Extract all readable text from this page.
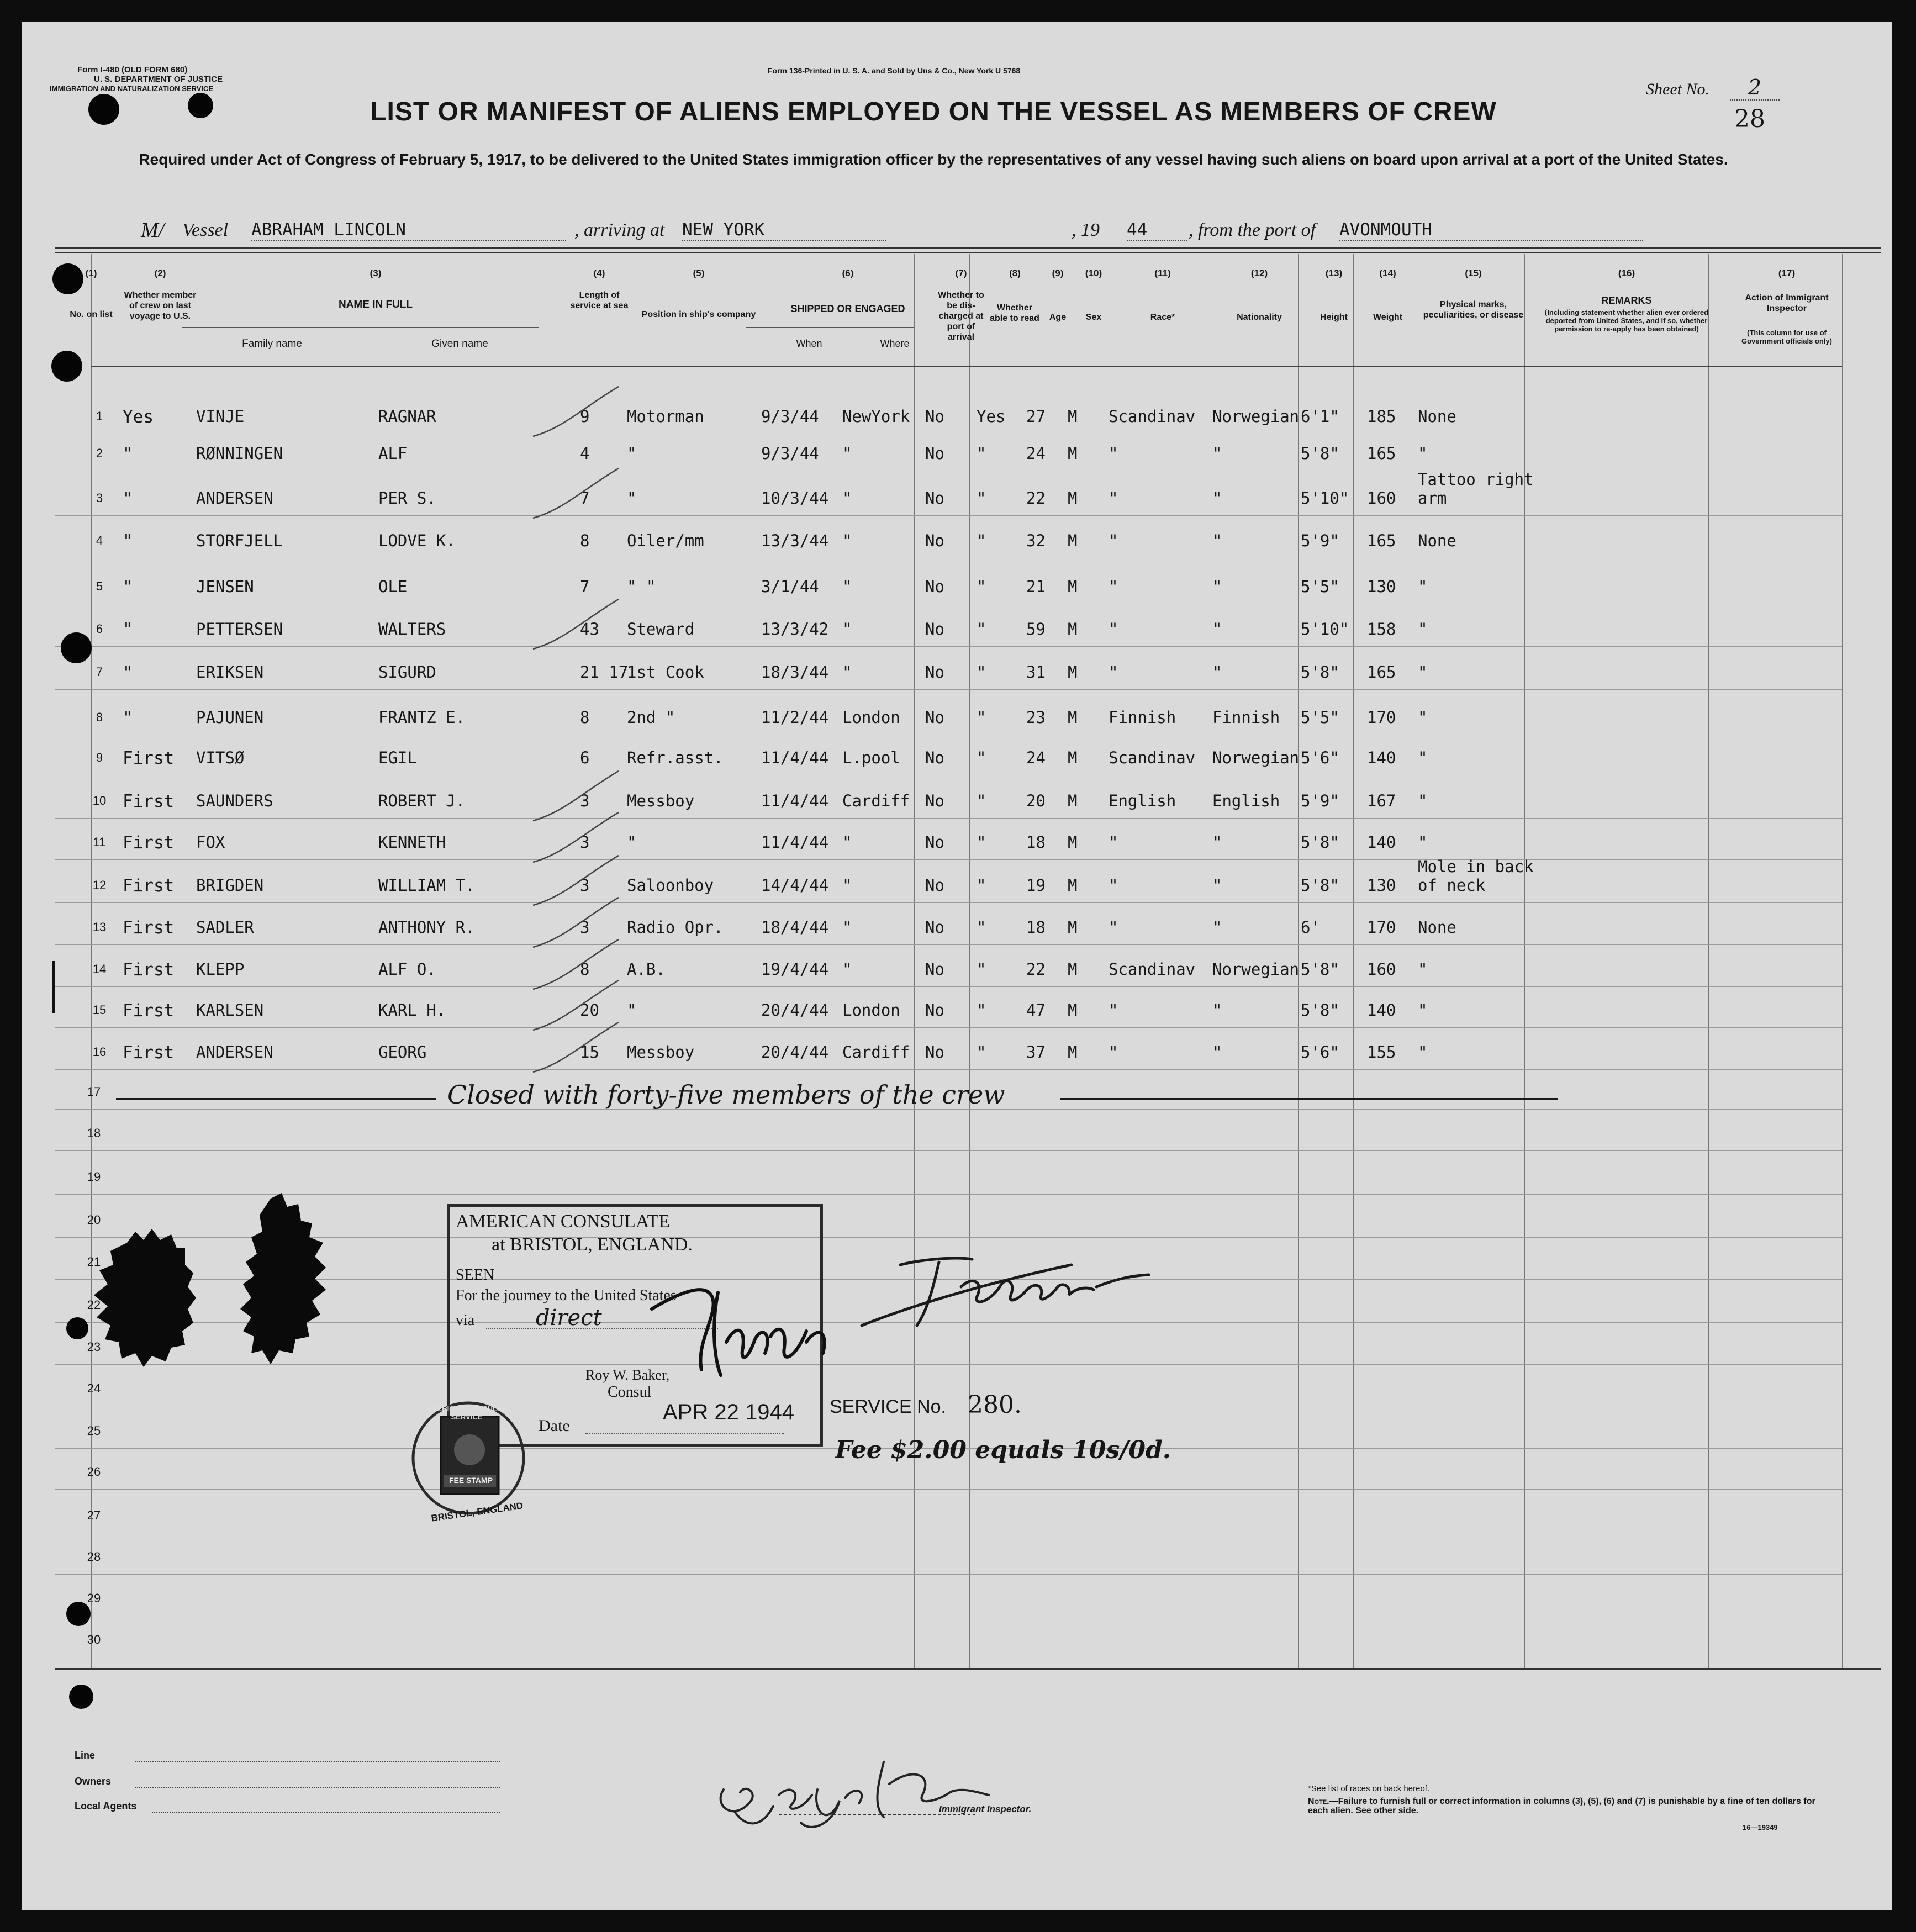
Form I-480 (OLD FORM 680)
U. S. DEPARTMENT OF JUSTICE
IMMIGRATION AND NATURALIZATION SERVICE
Form 136-Printed in U. S. A. and Sold by Uns & Co., New York U 5768
Sheet No.	2
28
LIST OR MANIFEST OF ALIENS EMPLOYED ON THE VESSEL AS MEMBERS OF CREW
Required under Act of Congress of February 5, 1917, to be delivered to the United States immigration officer by the representatives of any vessel having such aliens on board upon arrival at a port of the United States.
M/ Vessel ABRAHAM LINCOLN	, arriving at NEW YORK	, 19 44	, from the port of AVONMOUTH
(1)
No. on list
(2)
Whether member of crew on last voyage to U.S.
(3)
NAME IN FULL
Family name	Given name
(4)
Length of service at sea
(5)
Position in ship's company
(6)
SHIPPED OR ENGAGED
When	Where
(7)
Whether to be dis-charged at port of arrival
(8)
Whether able to read
(9)
Age
(10)
Sex
(11)
Race*
(12)
Nationality
(13)
Height
(14)
Weight
(15)
Physical marks, peculiarities, or disease
(16)
REMARKS
(Including statement whether alien ever ordered deported from United States, and if so, whether permission to re-apply has been obtained)
(17)
Action of Immigrant Inspector
(This column for use of Government officials only)
1	Yes	VINJE	RAGNAR	9 Motorman	9/3/44 NewYork No Yes 27 M Scandinav Norwegian 6'1" 185 None
2	"	RØNNINGEN	ALF	4 "	9/3/44 "	No "	24 M "	"	5'8" 165 "
3	"	ANDERSEN	PER S.	7 "	10/3/44 "	No "	22 M "	"	5'10" 160
Tattoo right arm
4	"	STORFJELL	LODVE K.	8 Oiler/mm	13/3/44 "	No "	32 M "	"	5'9" 165 None
5	"	JENSEN	OLE	7 " "	3/1/44 "	No "	21 M "	"	5'5" 130 "
6	"	PETTERSEN	WALTERS	43 Steward	13/3/42 "	No "	59 M "	"	5'10" 158 "
7	"	ERIKSEN	SIGURD	21 17
1st Cook	18/3/44 "	No "	31 M "	"	5'8" 165 "
8	"	PAJUNEN	FRANTZ E.	8 2nd "	11/2/44 London No "	23 M Finnish Finnish 5'5" 170 "
9	First VITSØ	EGIL	6 Refr.asst. 11/4/44 L.pool No "	24 M Scandinav Norwegian 5'6" 140 "
10 First SAUNDERS	ROBERT J.	3 Messboy	11/4/44 Cardiff No "	20 M English English 5'9" 167 "
11 First FOX	KENNETH	3 "	11/4/44 "	No "	18 M "	"	5'8" 140 "
12 First BRIGDEN	WILLIAM T.	3 Saloonboy	14/4/44 "	No "	19 M "	"	5'8" 130
Mole in back of neck
13 First SADLER	ANTHONY R.	3 Radio Opr. 18/4/44 "	No "	18 M "	"	6'	170 None
14 First KLEPP	ALF O.	8 A.B.	19/4/44 "	No "	22 M Scandinav Norwegian 5'8" 160 "
15 First KARLSEN	KARL H.	20 "	20/4/44 London No "	47 M "	"	5'8" 140 "
16 First ANDERSEN	GEORG	15 Messboy	20/4/44 Cardiff No "	37 M "	"	5'6" 155 "
17
18
19
20
21
22
23
24
25
26
27
28
29
30
Closed with forty-five members of the crew
AMERICAN CONSULATE
at BRISTOL, ENGLAND.
SEEN
For the journey to the United States
via	direct
Roy W. Baker,
Consul
Date
APR 22 1944
AMERICAN CONSULAR SERVICE
FEE STAMP
BRISTOL, ENGLAND
SERVICE No. 280.
Fee $2.00 equals 10s/0d.
Line
Owners
Local Agents	Immigrant Inspector.
*See list of races on back hereof.
Note.—Failure to furnish full or correct information in columns (3), (5), (6) and (7) is punishable by a fine of ten dollars for each alien. See other side.
16—19349
